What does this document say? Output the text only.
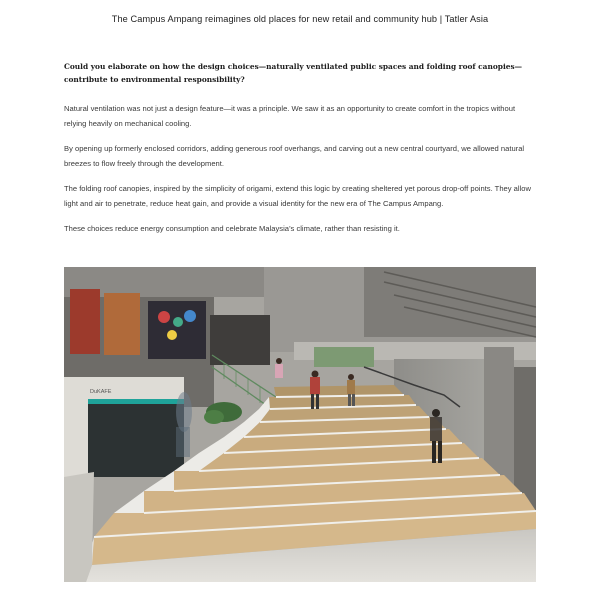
The Campus Ampang reimagines old places for new retail and community hub | Tatler Asia

Could you elaborate on how the design choices—naturally ventilated public spaces and folding roof canopies—contribute to environmental responsibility?

Natural ventilation was not just a design feature—it was a principle. We saw it as an opportunity to create comfort in the tropics without relying heavily on mechanical cooling.

By opening up formerly enclosed corridors, adding generous roof overhangs, and carving out a new central courtyard, we allowed natural breezes to flow freely through the development.

The folding roof canopies, inspired by the simplicity of origami, extend this logic by creating sheltered yet porous drop-off points. They allow light and air to penetrate, reduce heat gain, and provide a visual identity for the new era of The Campus Ampang.

These choices reduce energy consumption and celebrate Malaysia’s climate, rather than resisting it.

DuKAFE
